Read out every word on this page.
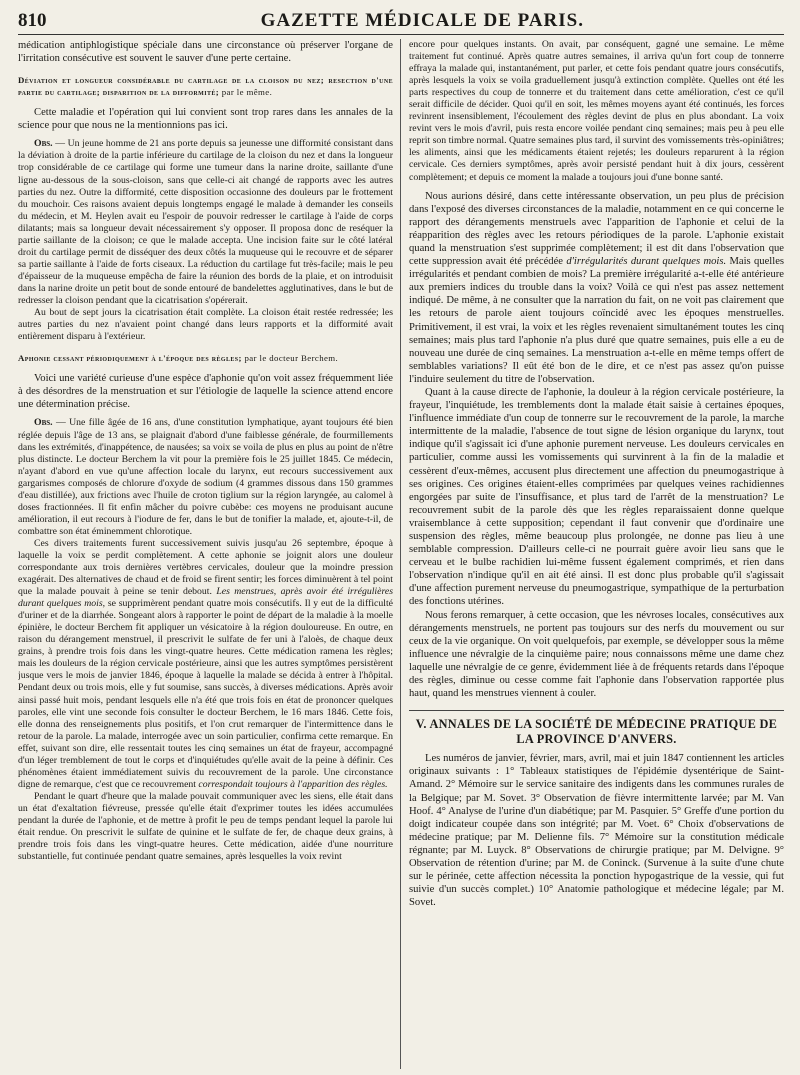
810	GAZETTE MÉDICALE DE PARIS.

médication antiphlogistique spéciale dans une circonstance où préserver l'organe de l'irritation consécutive est souvent le sauver d'une perte certaine.

Déviation et longueur considérable du cartilage de la cloison du nez; resection d'une partie du cartilage; disparition de la difformité; par le même.

Cette maladie et l'opération qui lui convient sont trop rares dans les annales de la science pour que nous ne la mentionnions pas ici.

Obs. — Un jeune homme de 21 ans porte depuis sa jeunesse une difformité consistant dans la déviation à droite de la partie inférieure du cartilage de la cloison du nez et dans la longueur trop considérable de ce cartilage qui forme une tumeur dans la narine droite, saillante d'une ligne au-dessous de la sous-cloison, sans que celle-ci ait changé de rapports avec les autres parties du nez. Outre la difformité, cette disposition occasionne des douleurs par le frottement du mouchoir. Ces raisons avaient depuis longtemps engagé le malade à demander les conseils du médecin, et M. Heylen avait eu l'espoir de pouvoir redresser le cartilage à l'aide de corps dilatants; mais sa longueur devait nécessairement s'y opposer. Il proposa donc de reséquer la partie saillante de la cloison; ce que le malade accepta. Une incision faite sur le côté latéral droit du cartilage permit de disséquer des deux côtés la muqueuse qui le recouvre et de séparer sa partie saillante à l'aide de forts ciseaux. La réduction du cartilage fut très-facile; mais le peu d'épaisseur de la muqueuse empêcha de faire la réunion des bords de la plaie, et on introduisit dans la narine droite un petit bout de sonde entouré de bandelettes agglutinatives, dans le but de redresser la cloison pendant que la cicatrisation s'opérerait.

Au bout de sept jours la cicatrisation était complète. La cloison était restée redressée; les autres parties du nez n'avaient point changé dans leurs rapports et la difformité avait entièrement disparu à l'extérieur.

Aphonie cessant périodiquement à l'époque des règles; par le docteur Berchem.

Voici une variété curieuse d'une espèce d'aphonie qu'on voit assez fréquemment liée à des désordres de la menstruation et sur l'étiologie de laquelle la science attend encore une détermination précise.

Obs. — Une fille âgée de 16 ans, d'une constitution lymphatique, ayant toujours été bien réglée depuis l'âge de 13 ans, se plaignait d'abord d'une faiblesse générale, de fourmillements dans les extrémités, d'inappétence, de nausées; sa voix se voila de plus en plus au point de n'être plus distincte. Le docteur Berchem la vit pour la première fois le 25 juillet 1845. Ce médecin, n'ayant d'abord en vue qu'une affection locale du larynx, eut recours successivement aux gargarismes composés de chlorure d'oxyde de sodium (4 grammes dissous dans 150 grammes d'eau distillée), aux frictions avec l'huile de croton tiglium sur la région laryngée, au calomel à doses fractionnées. Il fit enfin mâcher du poivre cubèbe: ces moyens ne produisant aucune amélioration, il eut recours à l'iodure de fer, dans le but de tonifier la malade, et, ajoute-t-il, de combattre son état éminemment chlorotique.

Ces divers traitements furent successivement suivis jusqu'au 26 septembre, époque à laquelle la voix se perdit complètement. A cette aphonie se joignit alors une douleur correspondante aux trois dernières vertèbres cervicales, douleur que la moindre pression exagérait. Des alternatives de chaud et de froid se firent sentir; les forces diminuèrent à tel point que la malade pouvait à peine se tenir debout. Les menstrues, après avoir été irrégulières durant quelques mois, se supprimèrent pendant quatre mois consécutifs. Il y eut de la difficulté d'uriner et de la diarrhée. Songeant alors à rapporter le point de départ de la maladie à la moelle épinière, le docteur Berchem fit appliquer un vésicatoire à la région douloureuse. En outre, en raison du dérangement menstruel, il prescrivit le sulfate de fer uni à l'aloès, de chaque deux grains, à prendre trois fois dans les vingt-quatre heures. Cette médication ramena les règles; mais les douleurs de la région cervicale postérieure, ainsi que les autres symptômes persistèrent jusque vers le mois de janvier 1846, époque à laquelle la malade se décida à entrer à l'hôpital. Pendant deux ou trois mois, elle y fut soumise, sans succès, à diverses médications. Après avoir ainsi passé huit mois, pendant lesquels elle n'a été que trois fois en état de prononcer quelques paroles, elle vint une seconde fois consulter le docteur Berchem, le 16 mars 1846. Cette fois, elle donna des renseignements plus positifs, et l'on crut remarquer de l'intermittence dans le retour de la parole. La malade, interrogée avec un soin particulier, confirma cette remarque. En effet, suivant son dire, elle ressentait toutes les cinq semaines un état de frayeur, accompagné d'un léger tremblement de tout le corps et d'inquiétudes qu'elle avait de la peine à définir. Ces phénomènes étaient immédiatement suivis du recouvrement de la parole. Une circonstance digne de remarque, c'est que ce recouvrement correspondait toujours à l'apparition des règles.

Pendant le quart d'heure que la malade pouvait communiquer avec les siens, elle était dans un état d'exaltation fiévreuse, pressée qu'elle était d'exprimer toutes les idées accumulées pendant la durée de l'aphonie, et de mettre à profit le peu de temps pendant lequel la parole lui était rendue. On prescrivit le sulfate de quinine et le sulfate de fer, de chaque deux grains, à prendre trois fois dans les vingt-quatre heures. Cette médication, aidée d'une nourriture substantielle, fut continuée pendant quatre semaines, après lesquelles la voix revint

encore pour quelques instants. On avait, par conséquent, gagné une semaine. Le même traitement fut continué. Après quatre autres semaines, il arriva qu'un fort coup de tonnerre effraya la malade qui, instantanément, put parler, et cette fois pendant quatre jours consécutifs, après lesquels la voix se voila graduellement jusqu'à extinction complète. Quelles ont été les parts respectives du coup de tonnerre et du traitement dans cette amélioration, c'est ce qu'il serait difficile de décider. Quoi qu'il en soit, les mêmes moyens ayant été continués, les forces revinrent insensiblement, l'écoulement des règles devint de plus en plus abondant. La voix revint vers le mois d'avril, puis resta encore voilée pendant cinq semaines; mais peu à peu elle reprit son timbre normal. Quatre semaines plus tard, il survint des vomissements très-opiniâtres; les aliments, ainsi que les médicaments étaient rejetés; les douleurs reparurent à la région cervicale. Ces derniers symptômes, après avoir persisté pendant huit à dix jours, cessèrent complètement; et depuis ce moment la malade a toujours joui d'une bonne santé.

Nous aurions désiré, dans cette intéressante observation, un peu plus de précision dans l'exposé des diverses circonstances de la maladie, notamment en ce qui concerne le rapport des dérangements menstruels avec l'apparition de l'aphonie et celui de la réapparition des règles avec les retours périodiques de la parole. L'aphonie existait quand la menstruation s'est supprimée complètement; il est dit dans l'observation que cette suppression avait été précédée d'irrégularités durant quelques mois. Mais quelles irrégularités et pendant combien de mois? La première irrégularité a-t-elle été antérieure aux premiers indices du trouble dans la voix? Voilà ce qui n'est pas assez nettement indiqué. De même, à ne consulter que la narration du fait, on ne voit pas clairement que les retours de parole aient toujours coïncidé avec les époques menstruelles. Primitivement, il est vrai, la voix et les règles revenaient simultanément toutes les cinq semaines; mais plus tard l'aphonie n'a plus duré que quatre semaines, puis elle a eu de nouveau une durée de cinq semaines. La menstruation a-t-elle en même temps offert de semblables variations? Il eût été bon de le dire, et ce n'est pas assez qu'on puisse l'induire seulement du titre de l'observation.

Quant à la cause directe de l'aphonie, la douleur à la région cervicale postérieure, la frayeur, l'inquiétude, les tremblements dont la malade était saisie à certaines époques, l'influence immédiate d'un coup de tonnerre sur le recouvrement de la parole, la marche intermittente de la maladie, l'absence de tout signe de lésion organique du larynx, tout indique qu'il s'agissait ici d'une aphonie purement nerveuse. Les douleurs cervicales en particulier, comme aussi les vomissements qui survinrent à la fin de la maladie et cessèrent d'eux-mêmes, accusent plus directement une affection du pneumogastrique à ses origines. Ces origines étaient-elles comprimées par quelques veines rachidiennes engorgées par suite de l'insuffisance, et plus tard de l'arrêt de la menstruation? Le recouvrement subit de la parole dès que les règles reparaissaient donne quelque vraisemblance à cette supposition; cependant il faut convenir que d'ordinaire une suspension des règles, même beaucoup plus prolongée, ne donne pas lieu à une semblable compression. D'ailleurs celle-ci ne pourrait guère avoir lieu sans que le cerveau et le bulbe rachidien lui-même fussent également comprimés, et rien dans l'observation n'indique qu'il en ait été ainsi. Il est donc plus probable qu'il s'agissait d'une affection purement nerveuse du pneumogastrique, sympathique de la perturbation des fonctions utérines.

Nous ferons remarquer, à cette occasion, que les névroses locales, consécutives aux dérangements menstruels, ne portent pas toujours sur des nerfs du mouvement ou sur ceux de la vie organique. On voit quelquefois, par exemple, se développer sous la même influence une névralgie de la cinquième paire; nous connaissons même une dame chez laquelle une névralgie de ce genre, évidemment liée à de fréquents retards dans l'époque des règles, diminue ou cesse comme fait l'aphonie dans l'observation rapportée plus haut, quand les menstrues viennent à couler.

V. ANNALES DE LA SOCIÉTÉ DE MÉDECINE PRATIQUE DE LA PROVINCE D'ANVERS.

Les numéros de janvier, février, mars, avril, mai et juin 1847 contiennent les articles originaux suivants : 1° Tableaux statistiques de l'épidémie dysentérique de Saint-Amand. 2° Mémoire sur le service sanitaire des indigents dans les communes rurales de la Belgique; par M. Sovet. 3° Observation de fièvre intermittente larvée; par M. Van Hoof. 4° Analyse de l'urine d'un diabétique; par M. Pasquier. 5° Greffe d'une portion du doigt indicateur coupée dans son intégrité; par M. Voet. 6° Choix d'observations de médecine pratique; par M. Delienne fils. 7° Mémoire sur la constitution médicale régnante; par M. Luyck. 8° Observations de chirurgie pratique; par M. Delvigne. 9° Observation de rétention d'urine; par M. de Coninck. (Survenue à la suite d'une chute sur le périnée, cette affection nécessita la ponction hypogastrique de la vessie, qui fut suivie d'un succès complet.) 10° Anatomie pathologique et médecine légale; par M. Sovet.
